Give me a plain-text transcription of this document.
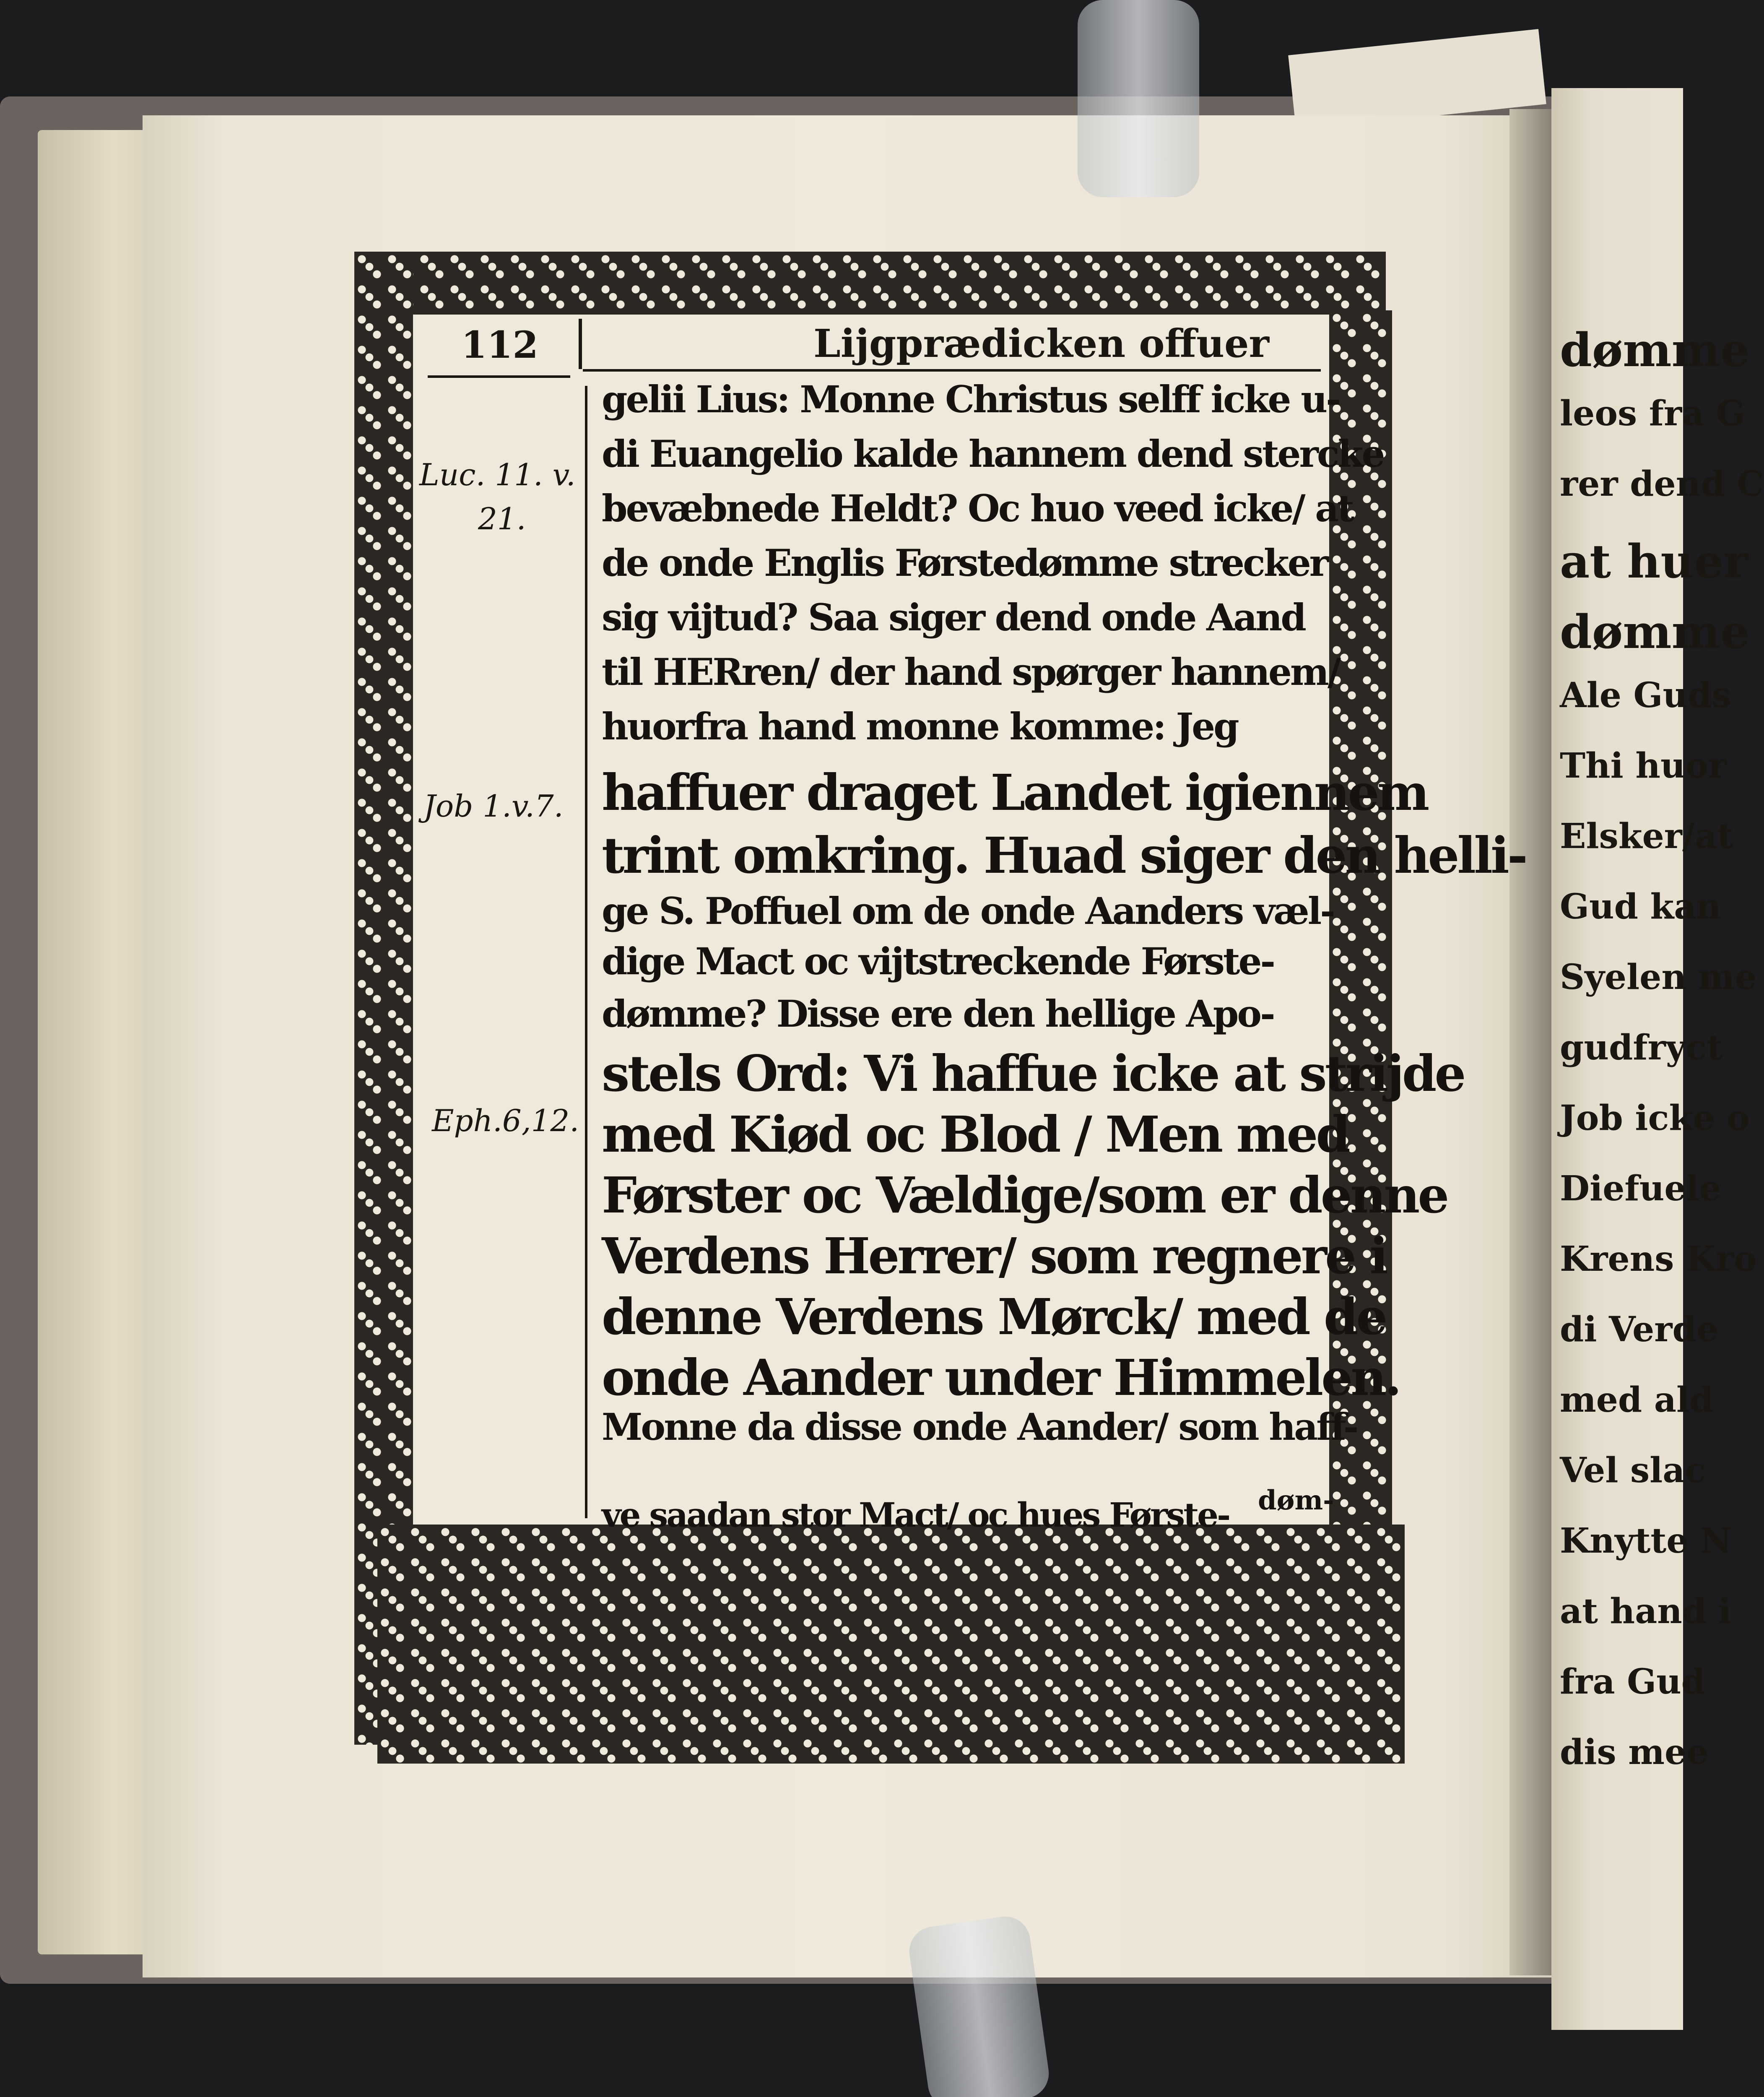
dømme
leos fra G
rer dend C
at huer
dømme
Ale Guds
Thi huor
Elsker/at
Gud kan
Syelen me
gudfryct
Job icke o
Diefuele
Krens Kro
di Verde
med ald
Vel slac
Knytte N
at hand i
fra Gud
dis mee
112	Lijgprædicken offuer
Luc. 11. v.
21.
Job 1.v.7.
Eph.6,12.
gelii Lius: Monne Christus selff icke u-
di Euangelio kalde hannem dend stercke
bevæbnede Heldt? Oc huo veed icke/ at
de onde Englis Førstedømme strecker
sig vijtud? Saa siger dend onde Aand
til HERren/ der hand spørger hannem/
huorfra hand monne komme: Jeg
haffuer draget Landet igiennem
trint omkring. Huad siger den helli-
ge S. Poffuel om de onde Aanders væl-
dige Mact oc vijtstreckende Første-
dømme? Disse ere den hellige Apo-
stels Ord: Vi haffue icke at strijde
med Kiød oc Blod / Men med
Førster oc Vældige/som er denne
Verdens Herrer/ som regnere i
denne Verdens Mørck/ med de
onde Aander under Himmelen.
Monne da disse onde Aander/ som haff-
ve saadan stor Mact/ oc hues Første- døm-
